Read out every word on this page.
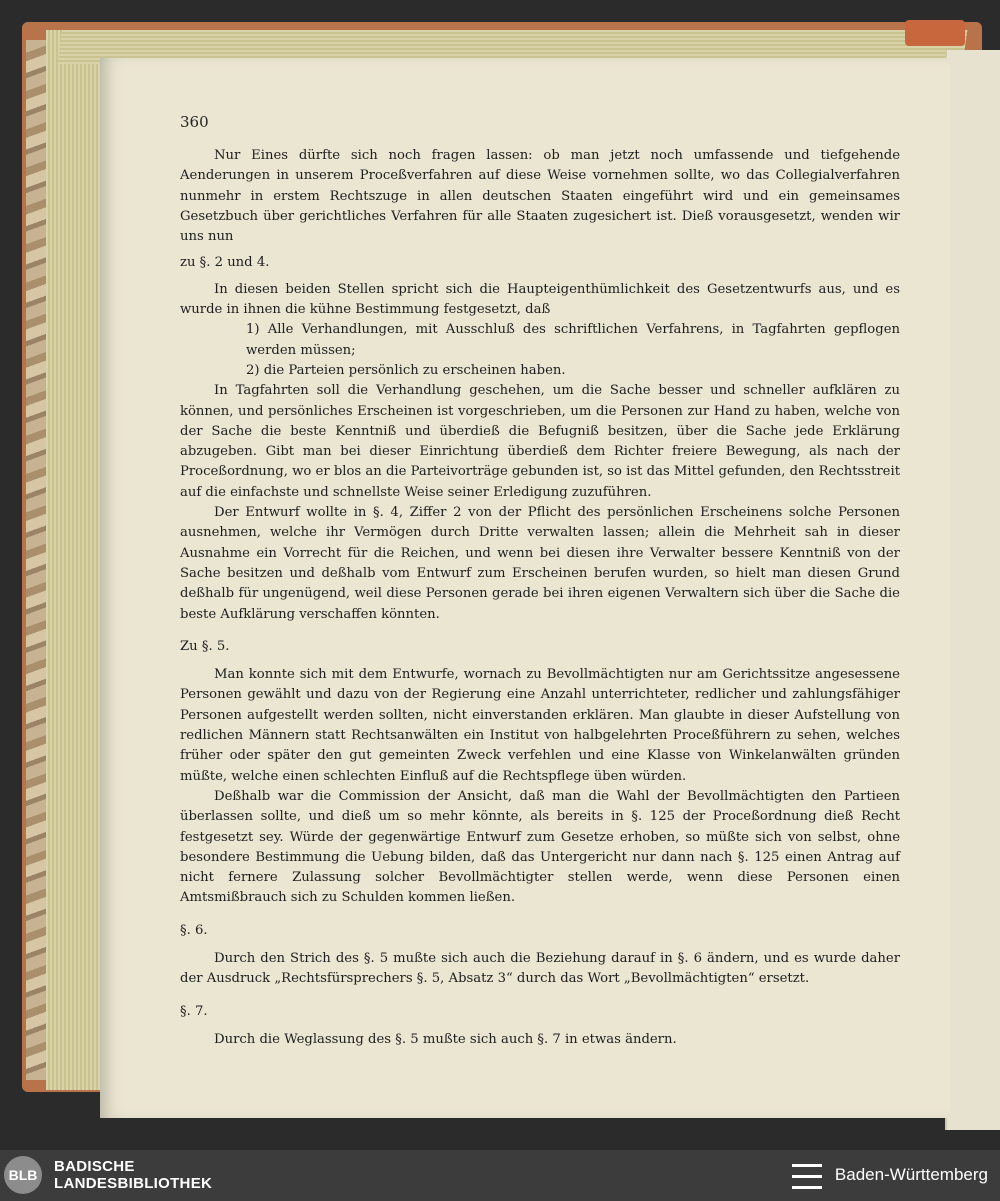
360

Nur Eines dürfte sich noch fragen lassen: ob man jetzt noch umfassende und tiefgehende Aenderungen in unserem Proceßverfahren auf diese Weise vornehmen sollte, wo das Collegialverfahren nunmehr in erstem Rechtszuge in allen deutschen Staaten eingeführt wird und ein gemeinsames Gesetzbuch über gerichtliches Verfahren für alle Staaten zugesichert ist. Dieß vorausgesetzt, wenden wir uns nun

zu §. 2 und 4.

In diesen beiden Stellen spricht sich die Haupteigenthümlichkeit des Gesetzentwurfs aus, und es wurde in ihnen die kühne Bestimmung festgesetzt, daß

1) Alle Verhandlungen, mit Ausschluß des schriftlichen Verfahrens, in Tagfahrten gepflogen werden müssen;

2) die Parteien persönlich zu erscheinen haben.

In Tagfahrten soll die Verhandlung geschehen, um die Sache besser und schneller aufklären zu können, und persönliches Erscheinen ist vorgeschrieben, um die Personen zur Hand zu haben, welche von der Sache die beste Kenntniß und überdieß die Befugniß besitzen, über die Sache jede Erklärung abzugeben. Gibt man bei dieser Einrichtung überdieß dem Richter freiere Bewegung, als nach der Proceßordnung, wo er blos an die Parteivorträge gebunden ist, so ist das Mittel gefunden, den Rechtsstreit auf die einfachste und schnellste Weise seiner Erledigung zuzuführen.

Der Entwurf wollte in §. 4, Ziffer 2 von der Pflicht des persönlichen Erscheinens solche Personen ausnehmen, welche ihr Vermögen durch Dritte verwalten lassen; allein die Mehrheit sah in dieser Ausnahme ein Vorrecht für die Reichen, und wenn bei diesen ihre Verwalter bessere Kenntniß von der Sache besitzen und deßhalb vom Entwurf zum Erscheinen berufen wurden, so hielt man diesen Grund deßhalb für ungenügend, weil diese Personen gerade bei ihren eigenen Verwaltern sich über die Sache die beste Aufklärung verschaffen könnten.

Zu §. 5.

Man konnte sich mit dem Entwurfe, wornach zu Bevollmächtigten nur am Gerichtssitze angesessene Personen gewählt und dazu von der Regierung eine Anzahl unterrichteter, redlicher und zahlungsfähiger Personen aufgestellt werden sollten, nicht einverstanden erklären. Man glaubte in dieser Aufstellung von redlichen Männern statt Rechtsanwälten ein Institut von halbgelehrten Proceßführern zu sehen, welches früher oder später den gut gemeinten Zweck verfehlen und eine Klasse von Winkelanwälten gründen müßte, welche einen schlechten Einfluß auf die Rechtspflege üben würden.

Deßhalb war die Commission der Ansicht, daß man die Wahl der Bevollmächtigten den Partieen überlassen sollte, und dieß um so mehr könnte, als bereits in §. 125 der Proceßordnung dieß Recht festgesetzt sey. Würde der gegenwärtige Entwurf zum Gesetze erhoben, so müßte sich von selbst, ohne besondere Bestimmung die Uebung bilden, daß das Untergericht nur dann nach §. 125 einen Antrag auf nicht fernere Zulassung solcher Bevollmächtigter stellen werde, wenn diese Personen einen Amtsmißbrauch sich zu Schulden kommen ließen.

§. 6.

Durch den Strich des §. 5 mußte sich auch die Beziehung darauf in §. 6 ändern, und es wurde daher der Ausdruck „Rechtsfürsprechers §. 5, Absatz 3“ durch das Wort „Bevollmächtigten“ ersetzt.

§. 7.

Durch die Weglassung des §. 5 mußte sich auch §. 7 in etwas ändern.

BLB	BADISCHE
LANDESBIBLIOTHEK
▬▬▬
▬▬▬
▬▬▬
Baden-Württemberg
